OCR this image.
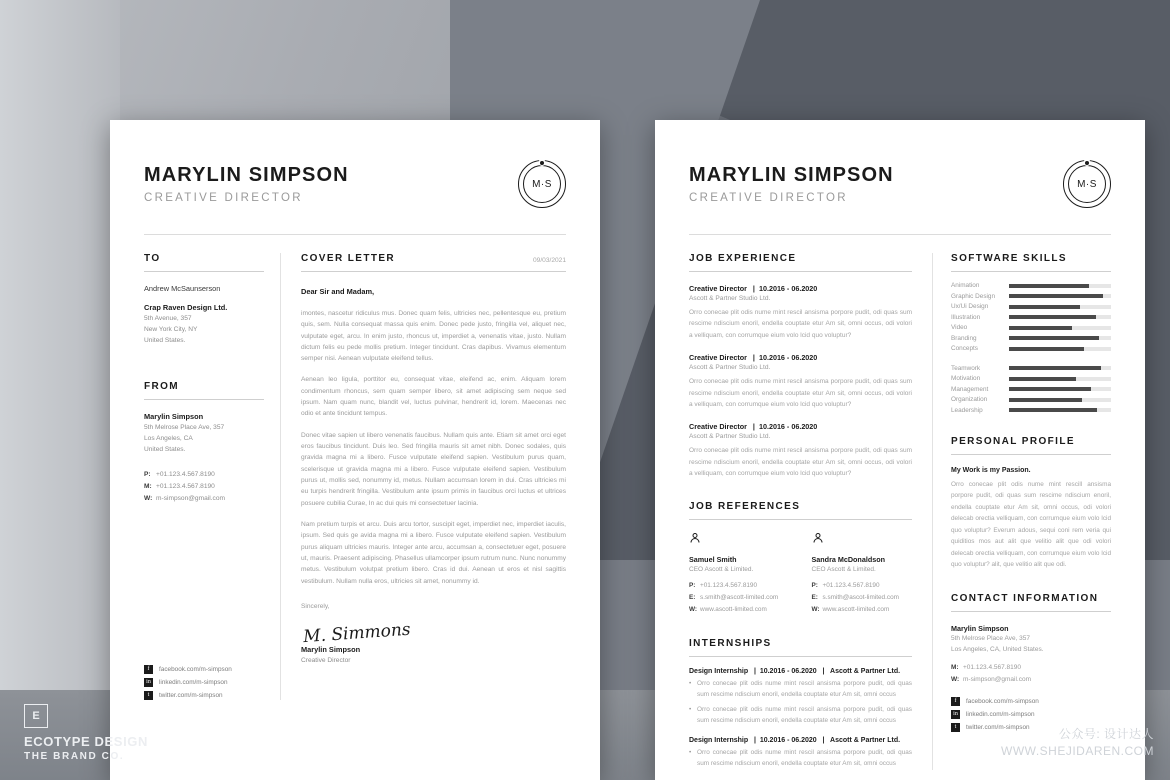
MARYLIN SIMPSON
CREATIVE DIRECTOR
M·S
TO
Andrew McSaunserson
Crap Raven Design Ltd.
5th Avenue, 357
New York City, NY
United States.
FROM
Marylin Simpson
5th Melrose Place Ave, 357
Los Angeles, CA
United States.
P: +01.123.4.567.8190
M: +01.123.4.567.8190
W: m-simpson@gmail.com
f	facebook.com/m-simpson
in	linkedin.com/m-simpson
t	twitter.com/m-simpson
COVER LETTER	09/03/2021
Dear Sir and Madam,
imontes, nascetur ridiculus mus. Donec quam felis, ultricies nec, pellentesque eu, pretium quis, sem. Nulla consequat massa quis enim. Donec pede justo, fringilla vel, aliquet nec, vulputate eget, arcu. In enim justo, rhoncus ut, imperdiet a, venenatis vitae, justo. Nullam dictum felis eu pede mollis pretium. Integer tincidunt. Cras dapibus. Vivamus elementum semper nisi. Aenean vulputate eleifend tellus.
Aenean leo ligula, porttitor eu, consequat vitae, eleifend ac, enim. Aliquam lorem condimentum rhoncus, sem quam semper libero, sit amet adipiscing sem neque sed ipsum. Nam quam nunc, blandit vel, luctus pulvinar, hendrerit id, lorem. Maecenas nec odio et ante tincidunt tempus.
Donec vitae sapien ut libero venenatis faucibus. Nullam quis ante. Etiam sit amet orci eget eros faucibus tincidunt. Duis leo. Sed fringilla mauris sit amet nibh. Donec sodales, quis gravida magna mi a libero. Fusce vulputate eleifend sapien. Vestibulum purus quam, scelerisque ut gravida magna mi a libero. Fusce vulputate eleifend sapien. Vestibulum purus ut, mollis sed, nonummy id, metus. Nullam accumsan lorem in dui. Cras ultricies mi eu turpis hendrerit fringilla. Vestibulum ante ipsum primis in faucibus orci luctus et ultrices posuere cubilia Curae, In ac dui quis mi consectetuer lacinia.
Nam pretium turpis et arcu. Duis arcu tortor, suscipit eget, imperdiet nec, imperdiet iaculis, ipsum. Sed quis ge avida magna mi a libero. Fusce vulputate eleifend sapien. Vestibulum purus aliquam ultricies mauris. Integer ante arcu, accumsan a, consectetuer eget, posuere ut, mauris. Praesent adipiscing. Phasellus ullamcorper ipsum rutrum nunc. Nunc nonummy metus. Vestibulum volutpat pretium libero. Cras id dui. Aenean ut eros et nisl sagittis vestibulum. Nullam nulla eros, ultricies sit amet, nonummy id.
Sincerely,
M. Simmons
Marylin Simpson
Creative Director
MARYLIN SIMPSON
CREATIVE DIRECTOR
M·S
JOB EXPERIENCE
Creative Director   |  10.2016 - 06.2020
Ascott & Partner Studio Ltd.
Orro conecae plit odis nume mint rescil ansisma porpore pudit, odi quas sum rescime ndiscium enoril, endella couptate etur Am sit, omni occus, odi volori a velliquam, con corrumque eium volo lcid quo voluptur?
Creative Director   |  10.2016 - 06.2020
Ascott & Partner Studio Ltd.
Orro conecae plit odis nume mint rescil ansisma porpore pudit, odi quas sum rescime ndiscium enoril, endella couptate etur Am sit, omni occus, odi volori a velliquam, con corrumque eium volo lcid quo voluptur?
Creative Director   |  10.2016 - 06.2020
Ascott & Partner Studio Ltd.
Orro conecae plit odis nume mint rescil ansisma porpore pudit, odi quas sum rescime ndiscium enoril, endella couptate etur Am sit, omni occus, odi volori a velliquam, con corrumque eium volo lcid quo voluptur?
JOB REFERENCES
Samuel Smith
CEO Ascott & Limited.
P: +01.123.4.567.8190
E: s.smith@ascott-limited.com
W: www.ascott-limited.com
Sandra McDonaldson
CEO Ascott & Limited.
P: +01.123.4.567.8190
E: s.smith@ascot-limited.com
W: www.ascott-limited.com
INTERNSHIPS
Design Internship   |  10.2016 - 06.2020   |   Ascott & Partner Ltd.
• Orro conecae plit odis nume mint rescil ansisma porpore pudit, odi quas sum rescime ndiscium enoril, endella couptate etur Am sit, omni occus
• Orro conecae plit odis nume mint rescil ansisma porpore pudit, odi quas sum rescime ndiscium enoril, endella couptate etur Am sit, omni occus
Design Internship   |  10.2016 - 06.2020   |   Ascott & Partner Ltd.
• Orro conecae plit odis nume mint rescil ansisma porpore pudit, odi quas sum rescime ndiscium enoril, endella couptate etur Am sit, omni occus
SOFTWARE SKILLS
Animation
Graphic Design
Ux/Ui Design
Illustration
Video
Branding
Concepts
Teamwork
Motivation
Management
Organization
Leadership
PERSONAL PROFILE
My Work is my Passion.
Orro conecae plit odis nume mint rescill ansisma porpore pudit, odi quas sum rescime ndiscium enoril, endella couptate etur Am sit, omni occus, odi volori delecab orectia velliquam, con corrumque eium volo lcid quo voluptur? Everum adous, sequi coni rem veria qui quiditios mos aut alit que velitio alit que odi volori delecab orectia velliquam, con corrumque eium volo lcid quo voluptur? alit, que velitio alit que odi.
CONTACT INFORMATION
Marylin Simpson
5th Melrose Place Ave, 357
Los Angeles, CA, United States.
M: +01.123.4.567.8190
W: m-simpson@gmail.com
f	facebook.com/m-simpson
in	linkedin.com/m-simpson
t	twitter.com/m-simpson
E
ECOTYPE DESIGN
THE BRAND CO.
公众号: 设计达人
WWW.SHEJIDAREN.COM
